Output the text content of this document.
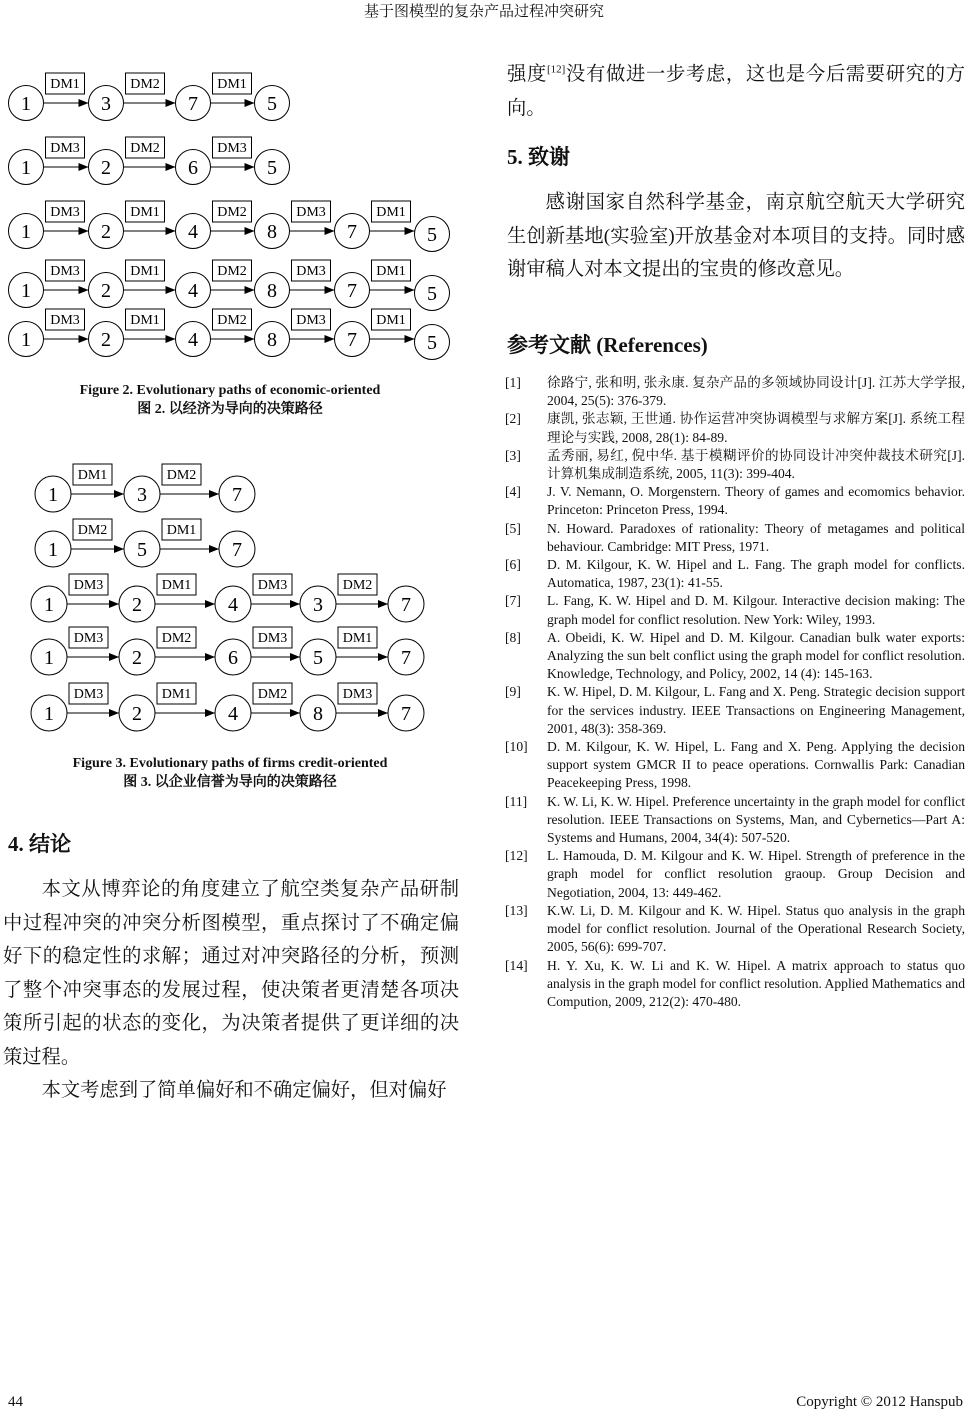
基于图模型的复杂产品过程冲突研究
DM1	DM2	DM1
1	3	7	5
DM3	DM2	DM3
1	2	6	5
DM3	DM1	DM2	DM3	DM1
1	2	4	8	7	5
DM3	DM1	DM2	DM3	DM1
1	2	4	8	7	5
DM3	DM1	DM2	DM3	DM1
1	2	4	8	7	5
Figure 2. Evolutionary paths of economic-oriented
图 2. 以经济为导向的决策路径
DM1	DM2
1	3	7
DM2	DM1
1	5	7
DM3	DM1	DM3	DM2
1	2	4	3	7
DM3	DM2	DM3	DM1
1	2	6	5	7
DM3	DM1	DM2	DM3
1	2	4	8	7
Figure 3. Evolutionary paths of firms credit-oriented
图 3. 以企业信誉为导向的决策路径
4. 结论

本文从博弈论的角度建立了航空类复杂产品研制中过程冲突的冲突分析图模型，重点探讨了不确定偏好下的稳定性的求解；通过对冲突路径的分析，预测了整个冲突事态的发展过程，使决策者更清楚各项决策所引起的状态的变化，为决策者提供了更详细的决策过程。

本文考虑到了简单偏好和不确定偏好，但对偏好

强度[12]没有做进一步考虑，这也是今后需要研究的方向。

5. 致谢

感谢国家自然科学基金，南京航空航天大学研究生创新基地(实验室)开放基金对本项目的支持。同时感谢审稿人对本文提出的宝贵的修改意见。

参考文献 (References)
[1]	徐路宁, 张和明, 张永康. 复杂产品的多领域协同设计[J]. 江苏大学学报, 2004, 25(5): 376-379.
[2]	康凯, 张志颖, 王世通. 协作运营冲突协调模型与求解方案[J]. 系统工程理论与实践, 2008, 28(1): 84-89.
[3]	孟秀丽, 易红, 倪中华. 基于模糊评价的协同设计冲突仲裁技术研究[J]. 计算机集成制造系统, 2005, 11(3): 399-404.
[4]	J. V. Nemann, O. Morgenstern. Theory of games and ecomomics behavior. Princeton: Princeton Press, 1994.
[5]	N. Howard. Paradoxes of rationality: Theory of metagames and political behaviour. Cambridge: MIT Press, 1971.
[6]	D. M. Kilgour, K. W. Hipel and L. Fang. The graph model for conflicts. Automatica, 1987, 23(1): 41-55.
[7]	L. Fang, K. W. Hipel and D. M. Kilgour. Interactive decision making: The graph model for conflict resolution. New York: Wiley, 1993.
[8]	A. Obeidi, K. W. Hipel and D. M. Kilgour. Canadian bulk water exports: Analyzing the sun belt conflict using the graph model for conflict resolution. Knowledge, Technology, and Policy, 2002, 14 (4): 145-163.
[9]	K. W. Hipel, D. M. Kilgour, L. Fang and X. Peng. Strategic decision support for the services industry. IEEE Transactions on Engineering Management, 2001, 48(3): 358-369.
[10]	D. M. Kilgour, K. W. Hipel, L. Fang and X. Peng. Applying the decision support system GMCR II to peace operations. Cornwallis Park: Canadian Peacekeeping Press, 1998.
[11]	K. W. Li, K. W. Hipel. Preference uncertainty in the graph model for conflict resolution. IEEE Transactions on Systems, Man, and Cybernetics—Part A: Systems and Humans, 2004, 34(4): 507-520.
[12]	L. Hamouda, D. M. Kilgour and K. W. Hipel. Strength of preference in the graph model for conflict resolution graoup. Group Decision and Negotiation, 2004, 13: 449-462.
[13]	K.W. Li, D. M. Kilgour and K. W. Hipel. Status quo analysis in the graph model for conflict resolution. Journal of the Operational Research Society, 2005, 56(6): 699-707.
[14]	H. Y. Xu, K. W. Li and K. W. Hipel. A matrix approach to status quo analysis in the graph model for conflict resolution. Applied Mathematics and Compution, 2009, 212(2): 470-480.
44	Copyright © 2012 Hanspub
